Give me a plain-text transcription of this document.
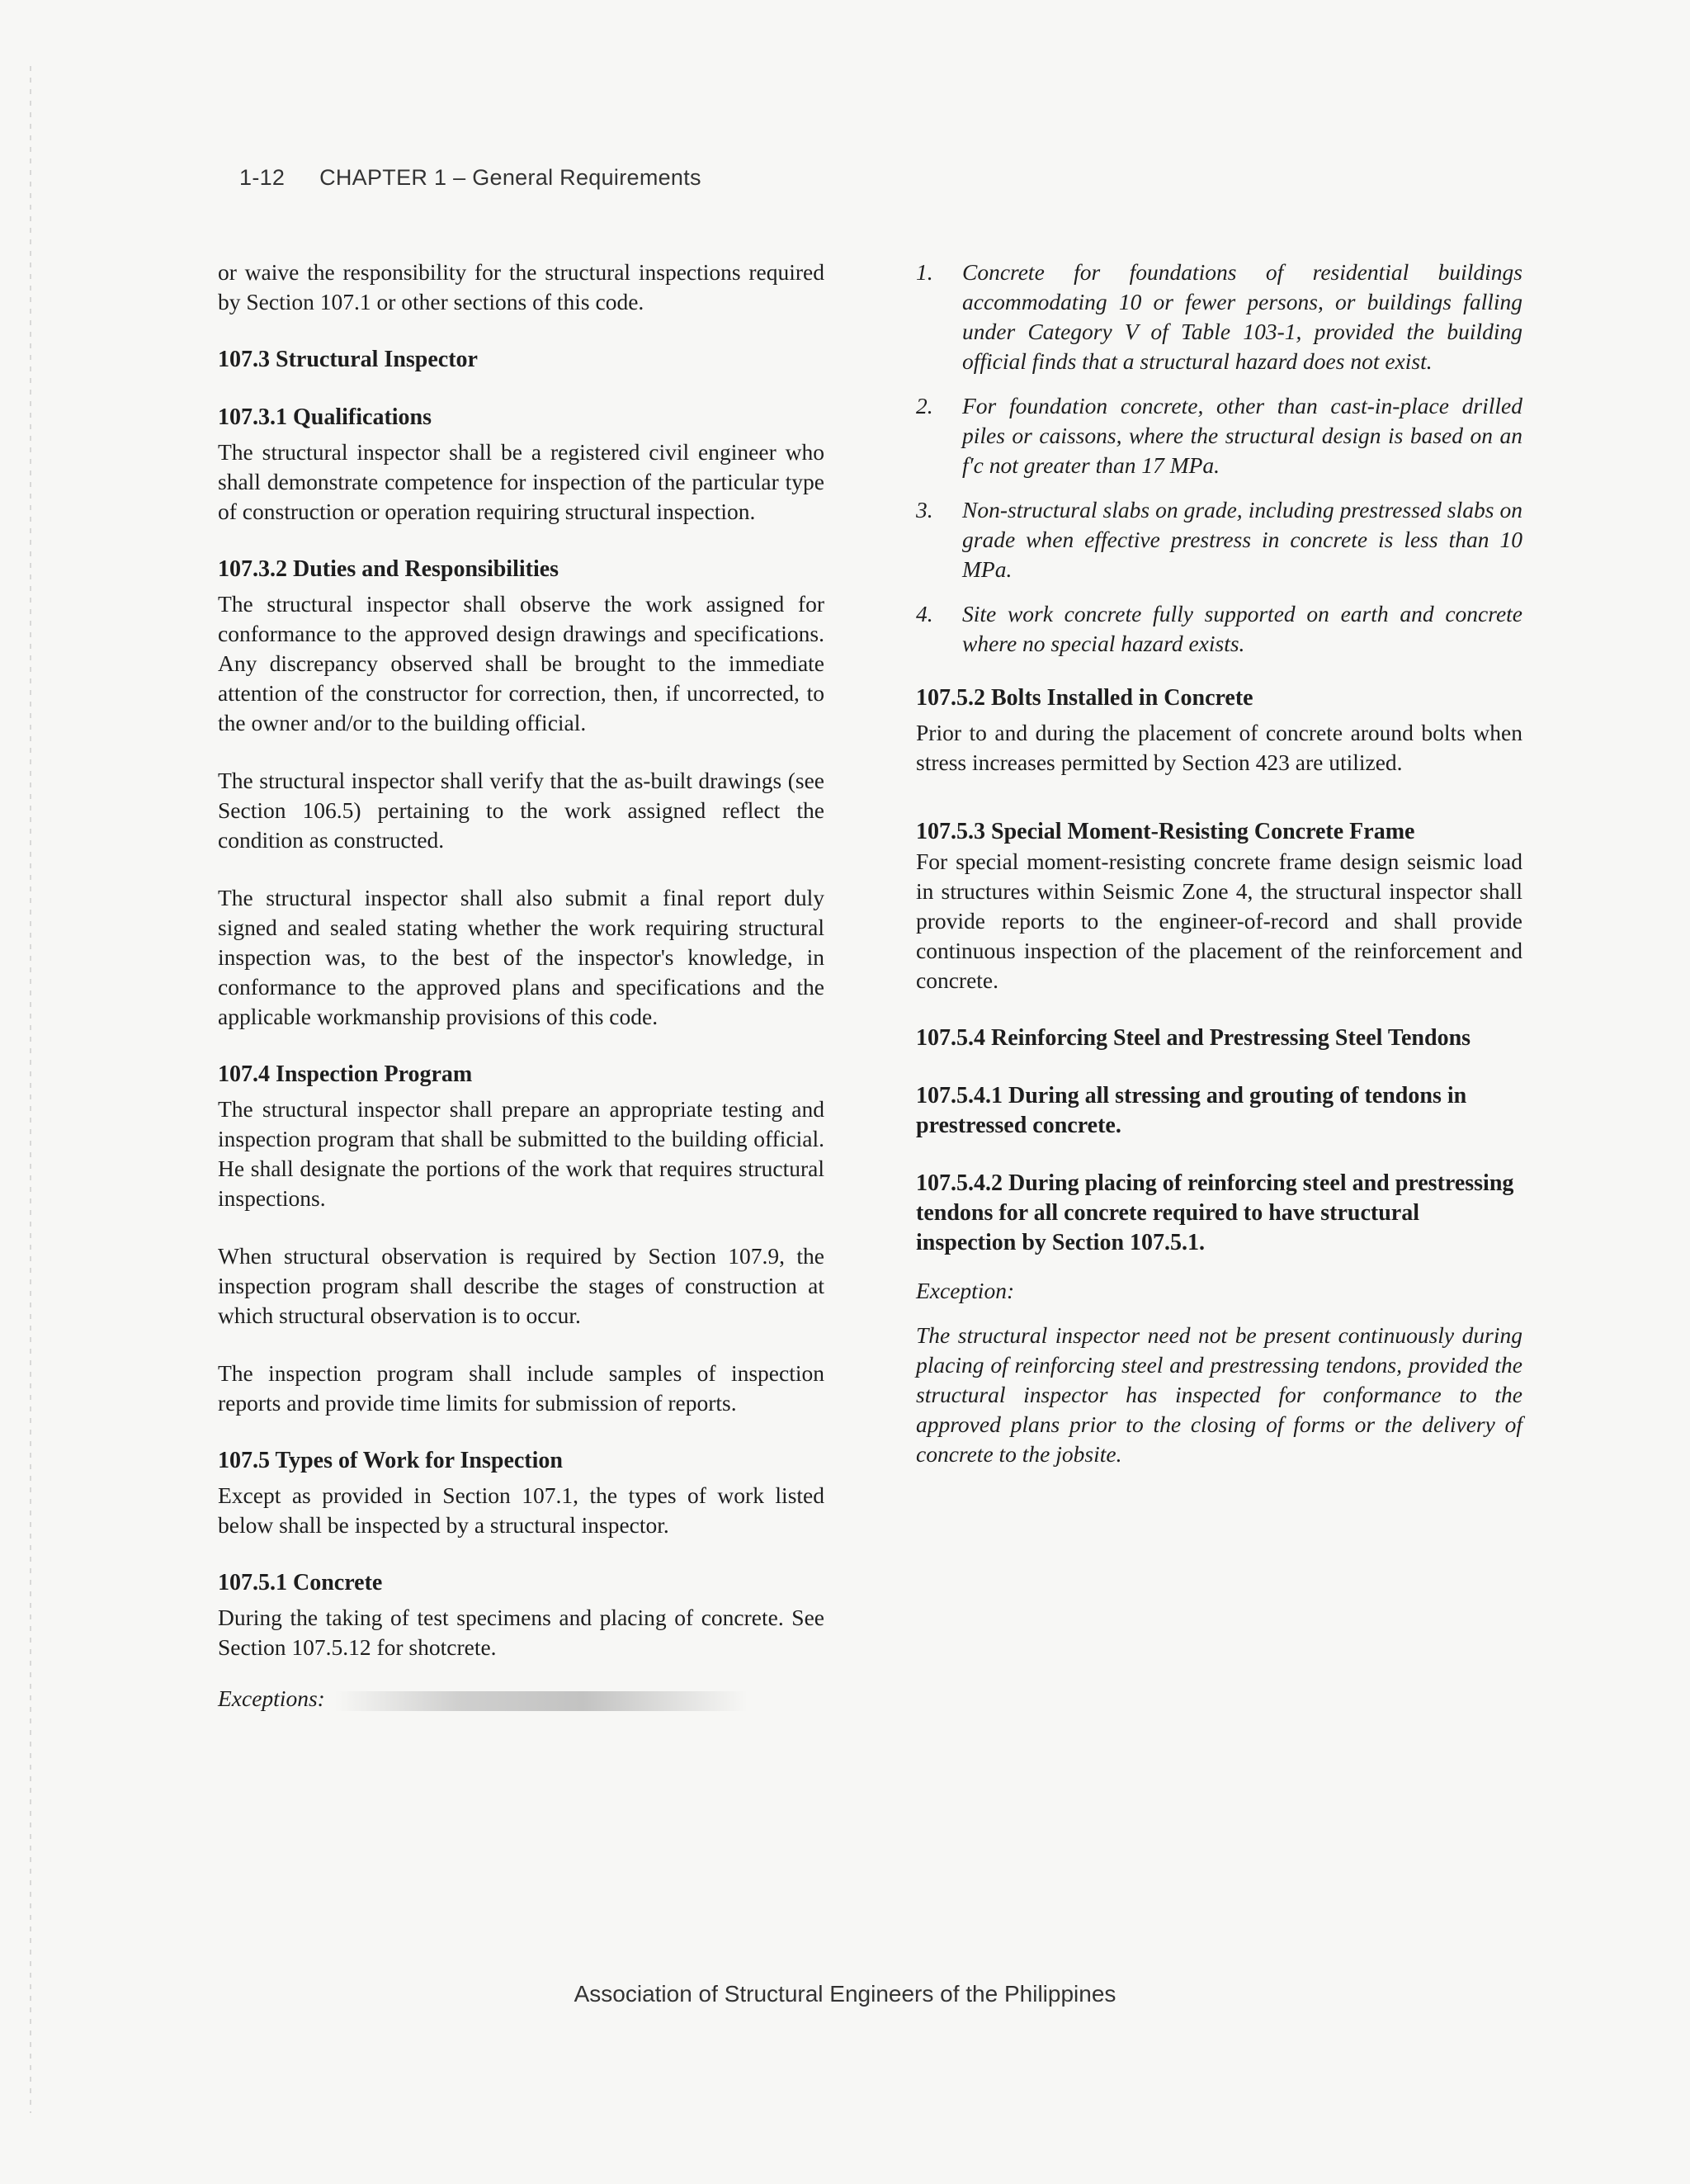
1-12 CHAPTER 1 – General Requirements

or waive the responsibility for the structural inspections required by Section 107.1 or other sections of this code.

107.3 Structural Inspector
107.3.1 Qualifications

The structural inspector shall be a registered civil engineer who shall demonstrate competence for inspection of the particular type of construction or operation requiring structural inspection.

107.3.2 Duties and Responsibilities

The structural inspector shall observe the work assigned for conformance to the approved design drawings and specifications. Any discrepancy observed shall be brought to the immediate attention of the constructor for correction, then, if uncorrected, to the owner and/or to the building official.

The structural inspector shall verify that the as-built drawings (see Section 106.5) pertaining to the work assigned reflect the condition as constructed.

The structural inspector shall also submit a final report duly signed and sealed stating whether the work requiring structural inspection was, to the best of the inspector's knowledge, in conformance to the approved plans and specifications and the applicable workmanship provisions of this code.

107.4 Inspection Program

The structural inspector shall prepare an appropriate testing and inspection program that shall be submitted to the building official. He shall designate the portions of the work that requires structural inspections.

When structural observation is required by Section 107.9, the inspection program shall describe the stages of construction at which structural observation is to occur.

The inspection program shall include samples of inspection reports and provide time limits for submission of reports.

107.5 Types of Work for Inspection

Except as provided in Section 107.1, the types of work listed below shall be inspected by a structural inspector.

107.5.1 Concrete

During the taking of test specimens and placing of concrete. See Section 107.5.12 for shotcrete.

Exceptions:

1.	Concrete for foundations of residential buildings accommodating 10 or fewer persons, or buildings falling under Category V of Table 103-1, provided the building official finds that a structural hazard does not exist.
2.	For foundation concrete, other than cast-in-place drilled piles or caissons, where the structural design is based on an f′c not greater than 17 MPa.
3.	Non-structural slabs on grade, including prestressed slabs on grade when effective prestress in concrete is less than 10 MPa.
4.	Site work concrete fully supported on earth and concrete where no special hazard exists.
107.5.2 Bolts Installed in Concrete

Prior to and during the placement of concrete around bolts when stress increases permitted by Section 423 are utilized.

107.5.3 Special Moment-Resisting Concrete Frame

For special moment-resisting concrete frame design seismic load in structures within Seismic Zone 4, the structural inspector shall provide reports to the engineer-of-record and shall provide continuous inspection of the placement of the reinforcement and concrete.

107.5.4 Reinforcing Steel and Prestressing Steel Tendons
107.5.4.1 During all stressing and grouting of tendons in prestressed concrete.
107.5.4.2 During placing of reinforcing steel and prestressing tendons for all concrete required to have structural inspection by Section 107.5.1.

Exception:

The structural inspector need not be present continuously during placing of reinforcing steel and prestressing tendons, provided the structural inspector has inspected for conformance to the approved plans prior to the closing of forms or the delivery of concrete to the jobsite.

Association of Structural Engineers of the Philippines
